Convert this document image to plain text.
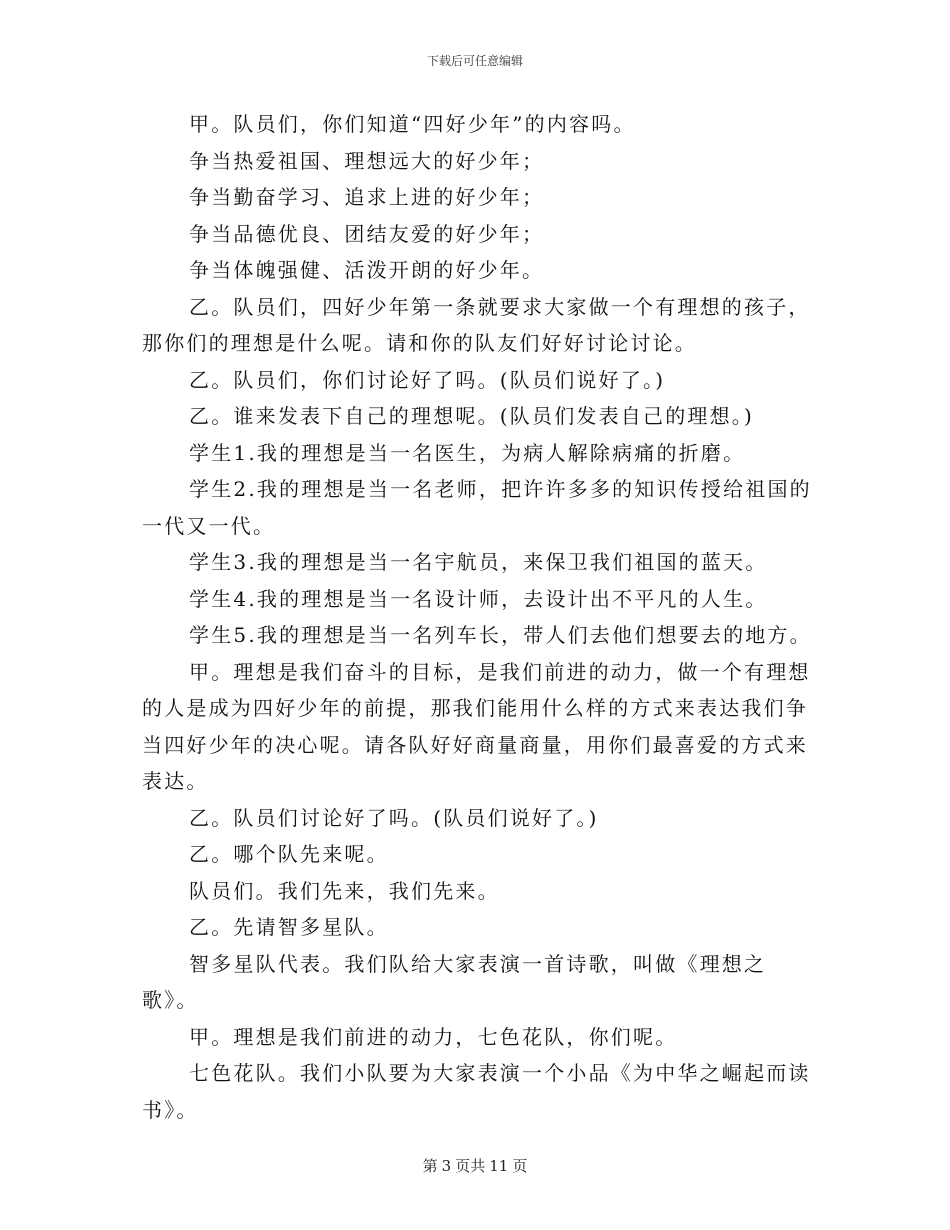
下载后可任意编辑

甲。队员们，你们知道“四好少年”的内容吗。

争当热爱祖国、理想远大的好少年；

争当勤奋学习、追求上进的好少年；

争当品德优良、团结友爱的好少年；

争当体魄强健、活泼开朗的好少年。

乙。队员们，四好少年第一条就要求大家做一个有理想的孩子，那你们的理想是什么呢。请和你的队友们好好讨论讨论。

乙。队员们，你们讨论好了吗。(队员们说好了。)

乙。谁来发表下自己的理想呢。(队员们发表自己的理想。)

学生1.我的理想是当一名医生，为病人解除病痛的折磨。

学生2.我的理想是当一名老师，把许许多多的知识传授给祖国的一代又一代。

学生3.我的理想是当一名宇航员，来保卫我们祖国的蓝天。

学生4.我的理想是当一名设计师，去设计出不平凡的人生。

学生5.我的理想是当一名列车长，带人们去他们想要去的地方。

甲。理想是我们奋斗的目标，是我们前进的动力，做一个有理想的人是成为四好少年的前提，那我们能用什么样的方式来表达我们争当四好少年的决心呢。请各队好好商量商量，用你们最喜爱的方式来表达。

乙。队员们讨论好了吗。(队员们说好了。)

乙。哪个队先来呢。

队员们。我们先来，我们先来。

乙。先请智多星队。

智多星队代表。我们队给大家表演一首诗歌，叫做《理想之歌》。

甲。理想是我们前进的动力，七色花队，你们呢。

七色花队。我们小队要为大家表演一个小品《为中华之崛起而读书》。

第 3 页共 11 页
